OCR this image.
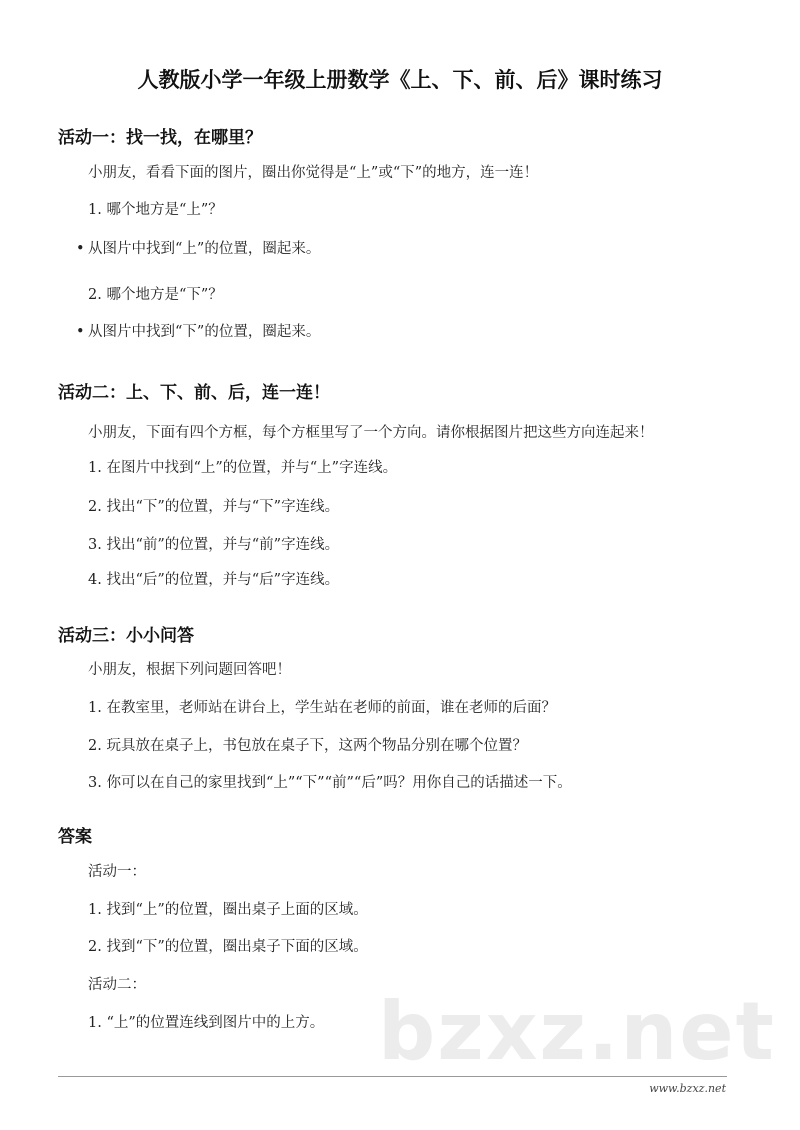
人教版小学一年级上册数学《上、下、前、后》课时练习
活动一：找一找，在哪里？
小朋友，看看下面的图片，圈出你觉得是“上”或“下”的地方，连一连！
1. 哪个地方是“上”？
• 从图片中找到“上”的位置，圈起来。
2. 哪个地方是“下”？
• 从图片中找到“下”的位置，圈起来。
活动二：上、下、前、后，连一连！
小朋友，下面有四个方框，每个方框里写了一个方向。请你根据图片把这些方向连起来！
1. 在图片中找到“上”的位置，并与“上”字连线。
2. 找出“下”的位置，并与“下”字连线。
3. 找出“前”的位置，并与“前”字连线。
4. 找出“后”的位置，并与“后”字连线。
活动三：小小问答
小朋友，根据下列问题回答吧！
1. 在教室里，老师站在讲台上，学生站在老师的前面，谁在老师的后面？
2. 玩具放在桌子上，书包放在桌子下，这两个物品分别在哪个位置？
3. 你可以在自己的家里找到“上”“下”“前”“后”吗？用你自己的话描述一下。
答案
活动一：
1. 找到“上”的位置，圈出桌子上面的区域。
2. 找到“下”的位置，圈出桌子下面的区域。
活动二：	bzxz.net
1. “上”的位置连线到图片中的上方。
www.bzxz.net
